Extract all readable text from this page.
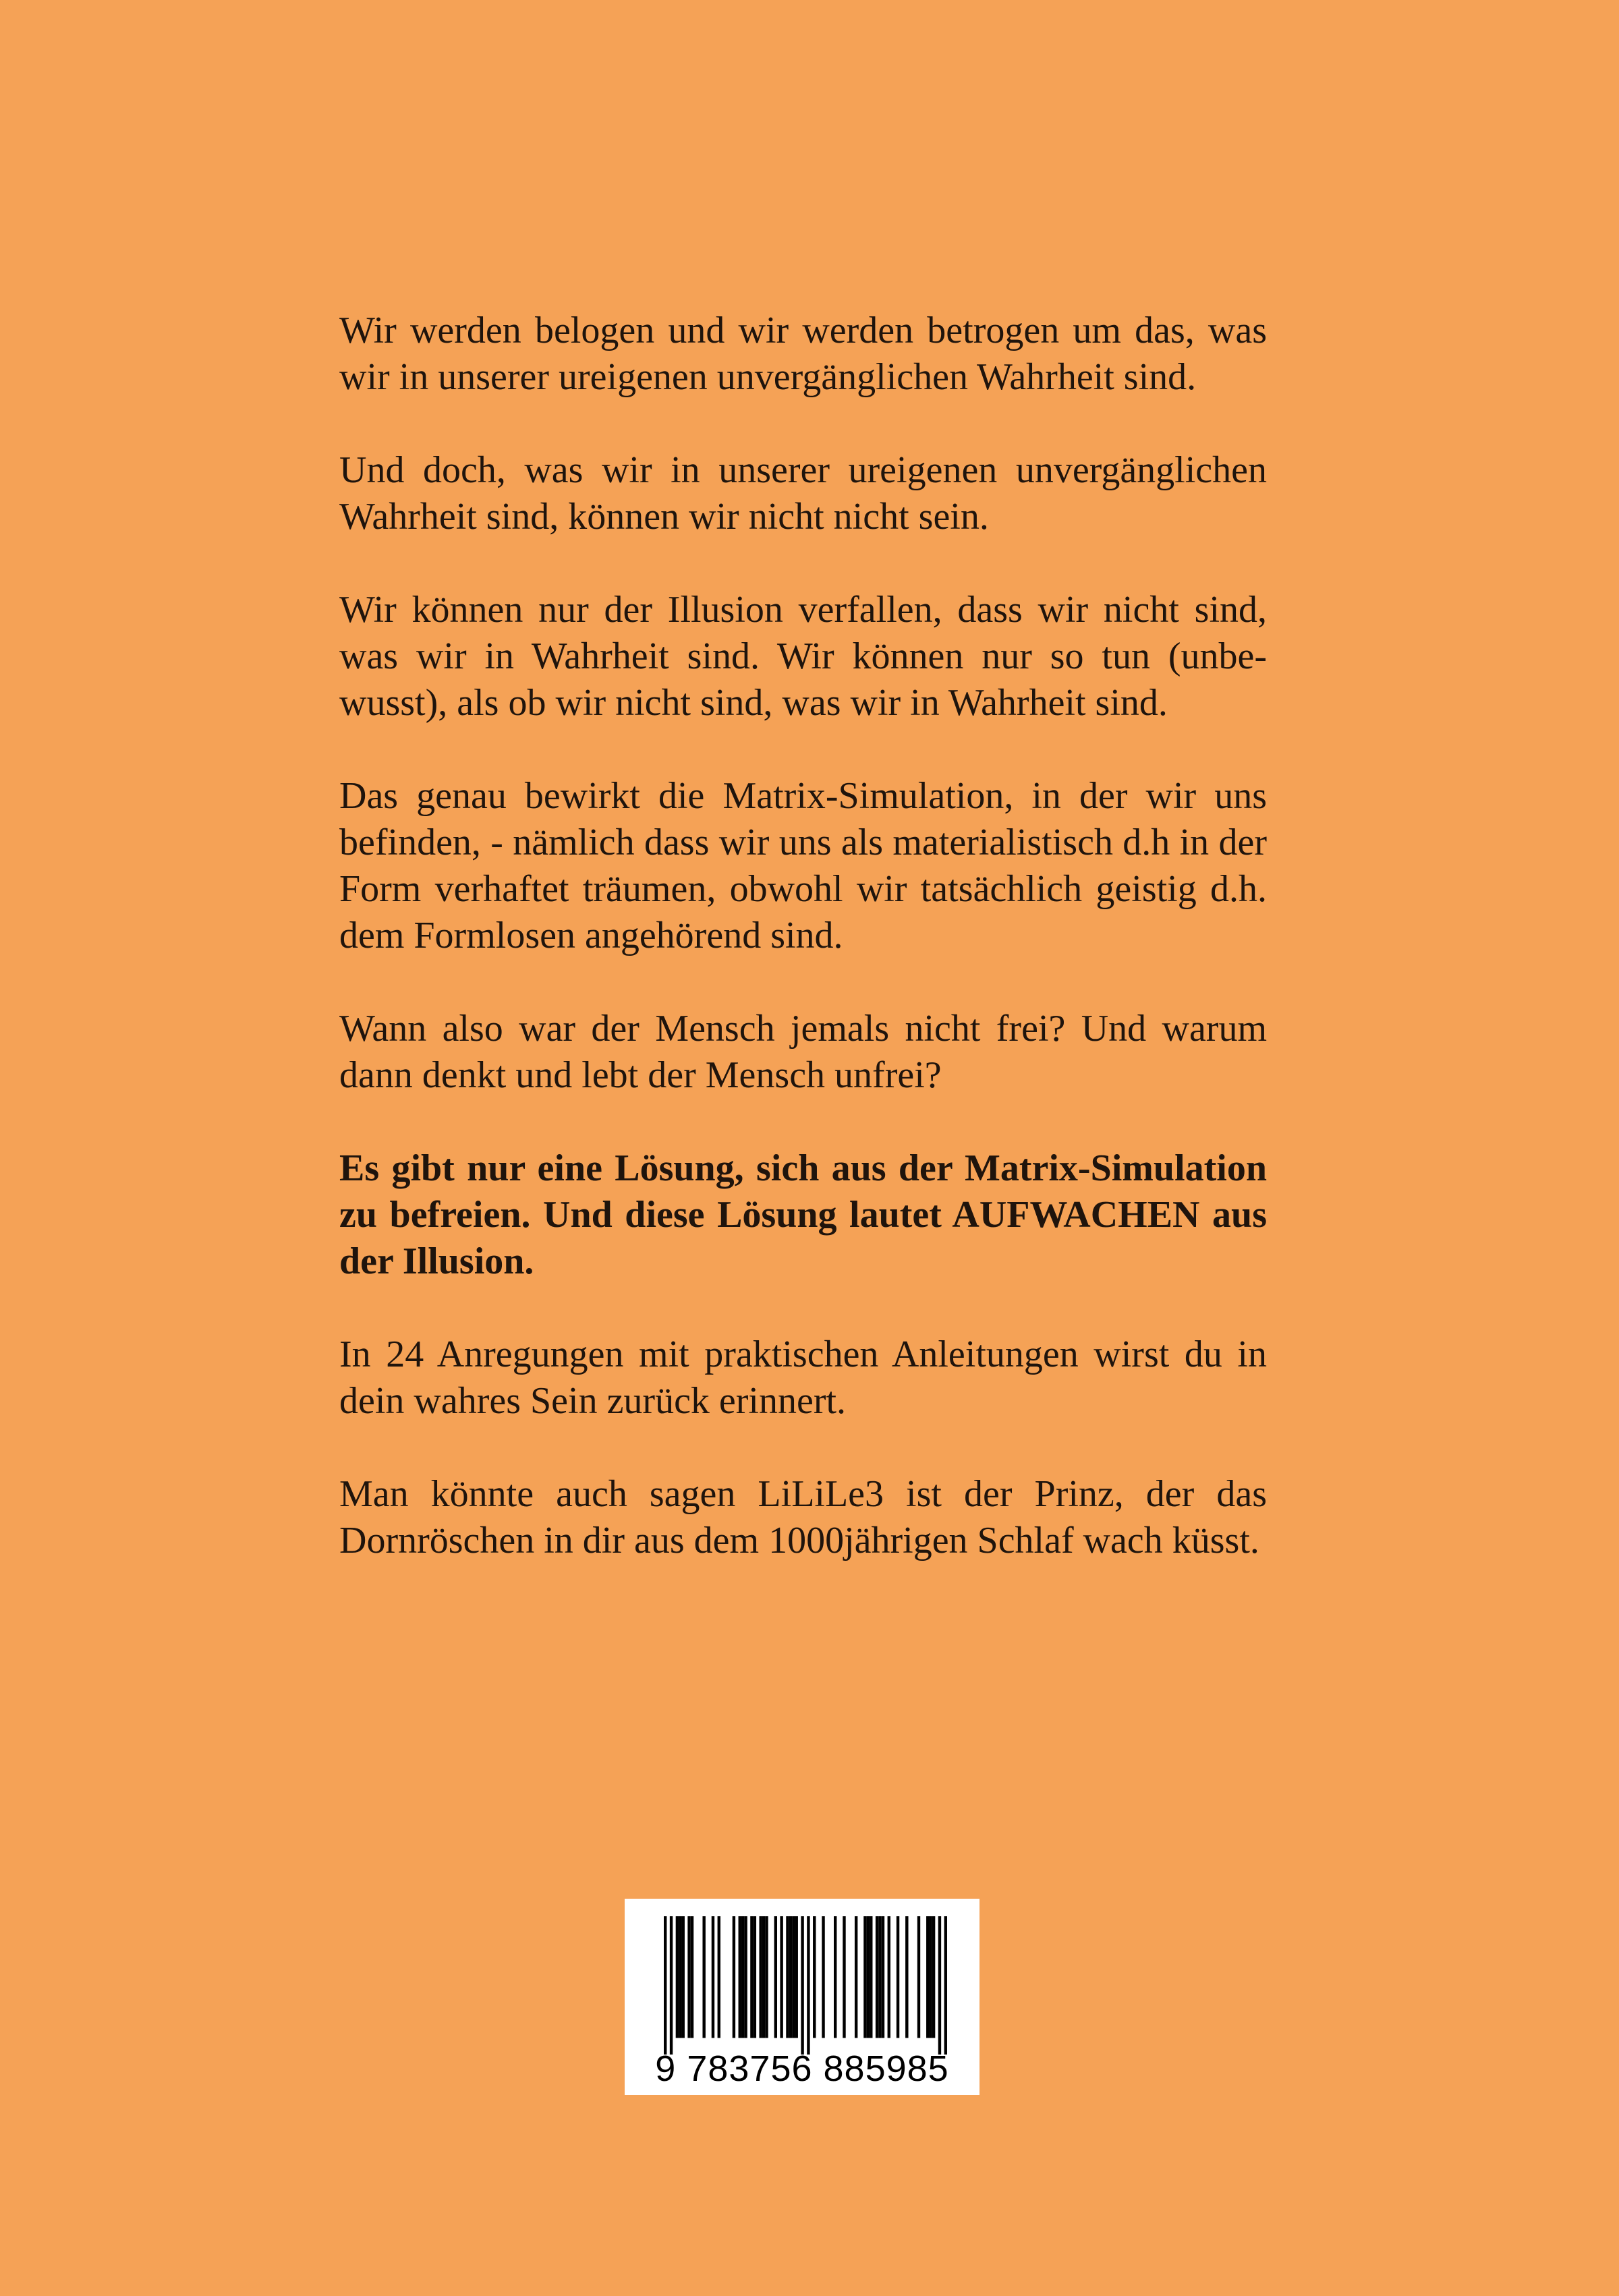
Wir werden belogen und wir werden betrogen um das, was wir in unserer ureigenen unvergänglichen Wahrheit sind.

Und doch, was wir in unserer ureigenen unvergänglichen Wahrheit sind, können wir nicht nicht sein.

Wir können nur der Illusion verfallen, dass wir nicht sind, was wir in Wahrheit sind. Wir können nur so tun (unbe-wusst), als ob wir nicht sind, was wir in Wahrheit sind.

Das genau bewirkt die Matrix-Simulation, in der wir uns befinden, - nämlich dass wir uns als materialistisch d.h in der Form verhaftet träumen, obwohl wir tatsächlich geistig d.h. dem Formlosen angehörend sind.

Wann also war der Mensch jemals nicht frei? Und warum dann denkt und lebt der Mensch unfrei?

Es gibt nur eine Lösung, sich aus der Matrix-Simulation zu befreien. Und diese Lösung lautet AUFWACHEN aus der Illusion.

In 24 Anregungen mit praktischen Anleitungen wirst du in dein wahres Sein zurück erinnert.

Man könnte auch sagen LiLiLe3 ist der Prinz, der das Dornröschen in dir aus dem 1000jährigen Schlaf wach küsst.

9 783756 885985
